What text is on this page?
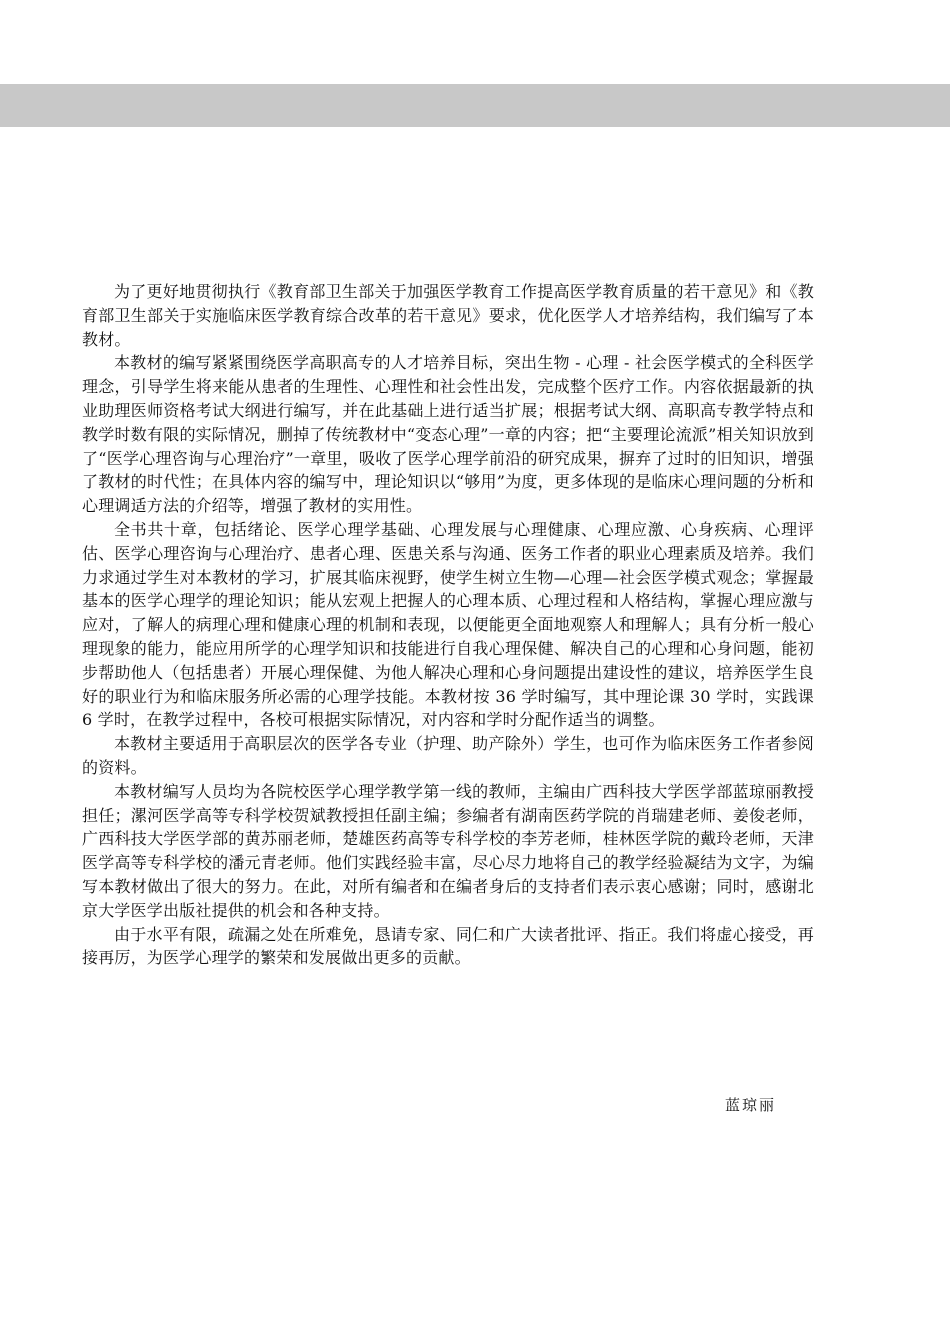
为了更好地贯彻执行《教育部卫生部关于加强医学教育工作提高医学教育质量的若干意见》和《教育部卫生部关于实施临床医学教育综合改革的若干意见》要求，优化医学人才培养结构，我们编写了本教材。

本教材的编写紧紧围绕医学高职高专的人才培养目标，突出生物 - 心理 - 社会医学模式的全科医学理念，引导学生将来能从患者的生理性、心理性和社会性出发，完成整个医疗工作。内容依据最新的执业助理医师资格考试大纲进行编写，并在此基础上进行适当扩展；根据考试大纲、高职高专教学特点和教学时数有限的实际情况，删掉了传统教材中“变态心理”一章的内容；把“主要理论流派”相关知识放到了“医学心理咨询与心理治疗”一章里，吸收了医学心理学前沿的研究成果，摒弃了过时的旧知识，增强了教材的时代性；在具体内容的编写中，理论知识以“够用”为度，更多体现的是临床心理问题的分析和心理调适方法的介绍等，增强了教材的实用性。

全书共十章，包括绪论、医学心理学基础、心理发展与心理健康、心理应激、心身疾病、心理评估、医学心理咨询与心理治疗、患者心理、医患关系与沟通、医务工作者的职业心理素质及培养。我们力求通过学生对本教材的学习，扩展其临床视野，使学生树立生物—心理—社会医学模式观念；掌握最基本的医学心理学的理论知识；能从宏观上把握人的心理本质、心理过程和人格结构，掌握心理应激与应对，了解人的病理心理和健康心理的机制和表现，以便能更全面地观察人和理解人；具有分析一般心理现象的能力，能应用所学的心理学知识和技能进行自我心理保健、解决自己的心理和心身问题，能初步帮助他人（包括患者）开展心理保健、为他人解决心理和心身问题提出建设性的建议，培养医学生良好的职业行为和临床服务所必需的心理学技能。本教材按 36 学时编写，其中理论课 30 学时，实践课 6 学时，在教学过程中，各校可根据实际情况，对内容和学时分配作适当的调整。

本教材主要适用于高职层次的医学各专业（护理、助产除外）学生，也可作为临床医务工作者参阅的资料。

本教材编写人员均为各院校医学心理学教学第一线的教师，主编由广西科技大学医学部蓝琼丽教授担任；漯河医学高等专科学校贺斌教授担任副主编；参编者有湖南医药学院的肖瑞建老师、姜俊老师，广西科技大学医学部的黄苏丽老师，楚雄医药高等专科学校的李芳老师，桂林医学院的戴玲老师，天津医学高等专科学校的潘元青老师。他们实践经验丰富，尽心尽力地将自己的教学经验凝结为文字，为编写本教材做出了很大的努力。在此，对所有编者和在编者身后的支持者们表示衷心感谢；同时，感谢北京大学医学出版社提供的机会和各种支持。

由于水平有限，疏漏之处在所难免，恳请专家、同仁和广大读者批评、指正。我们将虚心接受，再接再厉，为医学心理学的繁荣和发展做出更多的贡献。

蓝琼丽
